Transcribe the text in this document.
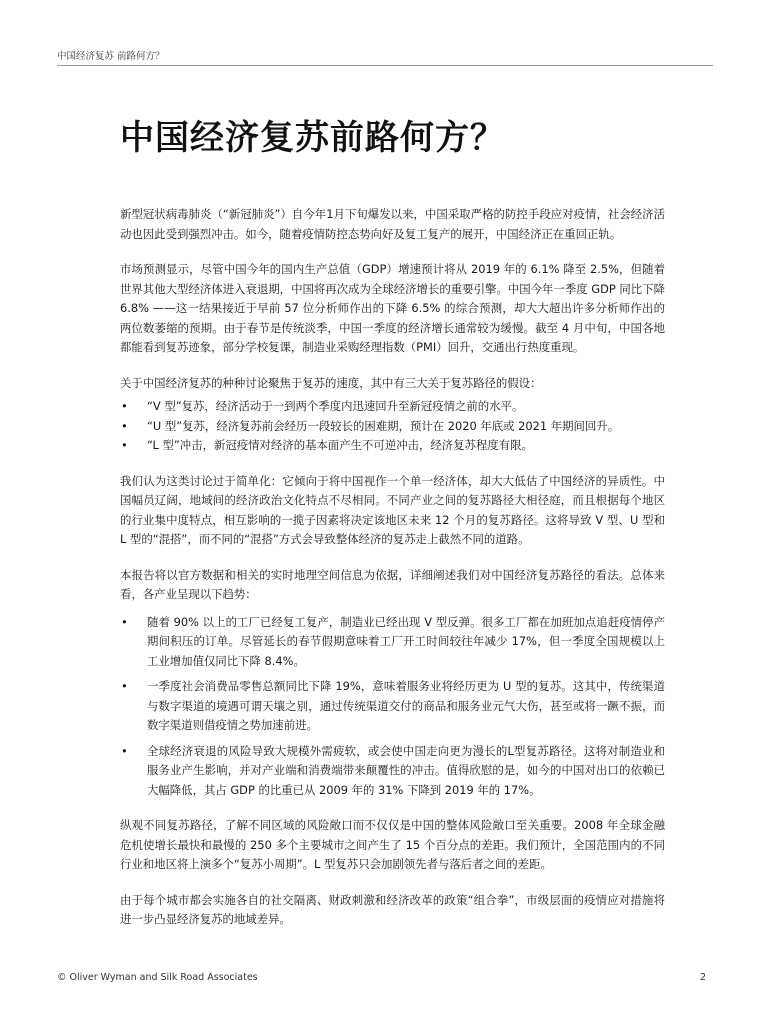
中国经济复苏 前路何方？
中国经济复苏前路何方？

新型冠状病毒肺炎（“新冠肺炎”）自今年1月下旬爆发以来，中国采取严格的防控手段应对疫情，社会经济活动也因此受到强烈冲击。如今，随着疫情防控态势向好及复工复产的展开，中国经济正在重回正轨。

市场预测显示，尽管中国今年的国内生产总值（GDP）增速预计将从 2019 年的 6.1% 降至 2.5%，但随着世界其他大型经济体进入衰退期，中国将再次成为全球经济增长的重要引擎。中国今年一季度 GDP 同比下降 6.8% ——这一结果接近于早前 57 位分析师作出的下降 6.5% 的综合预测，却大大超出许多分析师作出的两位数萎缩的预期。由于春节是传统淡季，中国一季度的经济增长通常较为缓慢。截至 4 月中旬，中国各地都能看到复苏迹象，部分学校复课，制造业采购经理指数（PMI）回升，交通出行热度重现。

关于中国经济复苏的种种讨论聚焦于复苏的速度，其中有三大关于复苏路径的假设：

• “V 型”复苏，经济活动于一到两个季度内迅速回升至新冠疫情之前的水平。
• “U 型”复苏，经济复苏前会经历一段较长的困难期，预计在 2020 年底或 2021 年期间回升。
• “L 型”冲击，新冠疫情对经济的基本面产生不可逆冲击，经济复苏程度有限。

我们认为这类讨论过于简单化：它倾向于将中国视作一个单一经济体，却大大低估了中国经济的异质性。中国幅员辽阔，地域间的经济政治文化特点不尽相同。不同产业之间的复苏路径大相径庭，而且根据每个地区的行业集中度特点，相互影响的一揽子因素将决定该地区未来 12 个月的复苏路径。这将导致 V 型、U 型和 L 型的“混搭”，而不同的“混搭”方式会导致整体经济的复苏走上截然不同的道路。

本报告将以官方数据和相关的实时地理空间信息为依据，详细阐述我们对中国经济复苏路径的看法。总体来看，各产业呈现以下趋势：

• 随着 90% 以上的工厂已经复工复产，制造业已经出现 V 型反弹。很多工厂都在加班加点追赶疫情停产期间积压的订单。尽管延长的春节假期意味着工厂开工时间较往年减少 17%，但一季度全国规模以上工业增加值仅同比下降 8.4%。
• 一季度社会消费品零售总额同比下降 19%，意味着服务业将经历更为 U 型的复苏。这其中，传统渠道与数字渠道的境遇可谓天壤之别，通过传统渠道交付的商品和服务业元气大伤，甚至或将一蹶不振，而数字渠道则借疫情之势加速前进。
• 全球经济衰退的风险导致大规模外需疲软，或会使中国走向更为漫长的L型复苏路径。这将对制造业和服务业产生影响，并对产业端和消费端带来颠覆性的冲击。值得欣慰的是，如今的中国对出口的依赖已大幅降低，其占 GDP 的比重已从 2009 年的 31% 下降到 2019 年的 17%。

纵观不同复苏路径，了解不同区域的风险敞口而不仅仅是中国的整体风险敞口至关重要。2008 年全球金融危机使增长最快和最慢的 250 多个主要城市之间产生了 15 个百分点的差距。我们预计，全国范围内的不同行业和地区将上演多个“复苏小周期”。L 型复苏只会加剧领先者与落后者之间的差距。

由于每个城市都会实施各自的社交隔离、财政刺激和经济改革的政策“组合拳”，市级层面的疫情应对措施将进一步凸显经济复苏的地域差异。

© Oliver Wyman and Silk Road Associates	2
